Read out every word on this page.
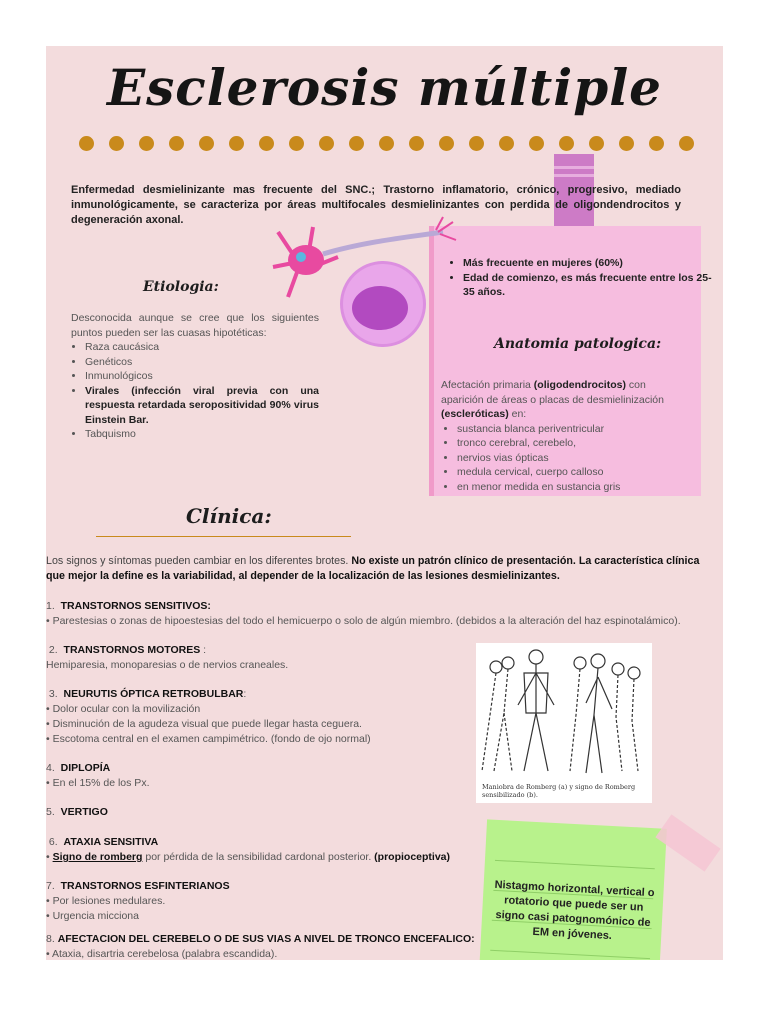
Esclerosis múltiple
Enfermedad desmielinizante mas frecuente del SNC.; Trastorno inflamatorio, crónico, progresivo, mediado inmunológicamente, se caracteriza por áreas multifocales desmielinizantes con perdida de oligondendrocitos y degeneración axonal.
• Más frecuente en mujeres (60%)
• Edad de comienzo, es más frecuente entre los 25-35 años.
Etiologia:
Desconocida aunque se cree que los siguientes puntos pueden ser las cuasas hipotéticas:
• Raza caucásica
• Genéticos
• Inmunológicos
• Virales (infección viral previa con una respuesta retardada seropositividad 90% virus Einstein Bar.
• Tabquismo
Anatomia patologica:
Afectación primaria (oligodendrocitos) con aparición de áreas o placas de desmielinización (escleróticas) en:
• sustancia blanca periventricular
• tronco cerebral, cerebelo,
• nervios vias ópticas
• medula cervical, cuerpo calloso
• en menor medida en sustancia gris
Clínica:
Los signos y síntomas pueden cambiar en los diferentes brotes. No existe un patrón clínico de presentación. La característica clínica que mejor la define es la variabilidad, al depender de la localización de las lesiones desmielinizantes.
1. TRANSTORNOS SENSITIVOS:
• Parestesias o zonas de hipoestesias del todo el hemicuerpo o solo de algún miembro. (debidos a la alteración del haz espinotalámico).
2. TRANSTORNOS MOTORES :
Hemiparesia, monoparesias o de nervios craneales.
3. NEURUTIS ÓPTICA RETROBULBAR:
• Dolor ocular con la movilización
• Disminución de la agudeza visual que puede llegar hasta ceguera.
• Escotoma central en el examen campimétrico. (fondo de ojo normal)
4. DIPLOPÍA
• En el 15% de los Px.
5. VERTIGO
6. ATAXIA SENSITIVA
• Signo de romberg por pérdida de la sensibilidad cardonal posterior. (propioceptiva)
7. TRANSTORNOS ESFINTERIANOS
• Por lesiones medulares.
• Urgencia micciona
8. AFECTACION DEL CEREBELO O DE SUS VIAS A NIVEL DE TRONCO ENCEFALICO:
• Ataxia, disartria cerebelosa (palabra escandida).
Maniobra de Romberg (a) y signo de Romberg sensibilizado (b).
Nistagmo horizontal, vertical o rotatorio que puede ser un signo casi patognomónico de EM en jóvenes.
